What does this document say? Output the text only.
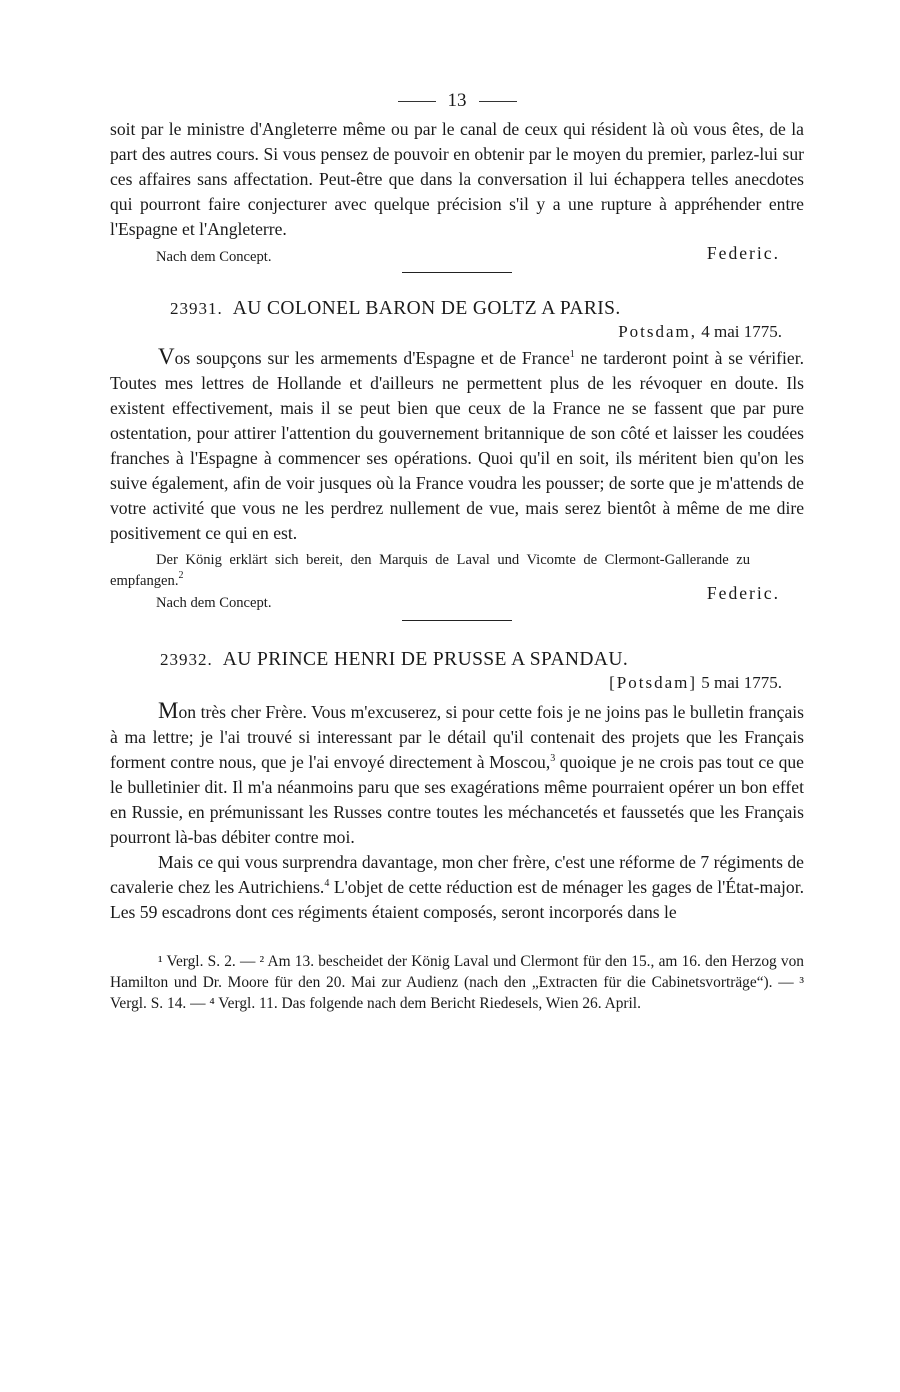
13

soit par le ministre d'Angleterre même ou par le canal de ceux qui résident là où vous êtes, de la part des autres cours. Si vous pensez de pouvoir en obtenir par le moyen du premier, parlez-lui sur ces affaires sans affectation. Peut-être que dans la conversation il lui échappera telles anecdotes qui pourront faire conjecturer avec quelque précision s'il y a une rupture à appréhender entre l'Espagne et l'Angleterre.

Nach dem Concept.	Federic.
23931. AU COLONEL BARON DE GOLTZ A PARIS.
Potsdam, 4 mai 1775.

Vos soupçons sur les armements d'Espagne et de France$^1$ ne tarderont point à se vérifier. Toutes mes lettres de Hollande et d'ailleurs ne permettent plus de les révoquer en doute. Ils existent effectivement, mais il se peut bien que ceux de la France ne se fassent que par pure ostentation, pour attirer l'attention du gouvernement britannique de son côté et laisser les coudées franches à l'Espagne à commencer ses opérations. Quoi qu'il en soit, ils méritent bien qu'on les suive également, afin de voir jusques où la France voudra les pousser; de sorte que je m'attends de votre activité que vous ne les perdrez nullement de vue, mais serez bientôt à même de me dire positivement ce qui en est.

Der König erklärt sich bereit, den Marquis de Laval und Vicomte de Clermont-Gallerande zu empfangen.$^2$

Nach dem Concept.	Federic.
23932. AU PRINCE HENRI DE PRUSSE A SPANDAU.
[Potsdam] 5 mai 1775.

Mon très cher Frère. Vous m'excuserez, si pour cette fois je ne joins pas le bulletin français à ma lettre; je l'ai trouvé si interessant par le détail qu'il contenait des projets que les Français forment contre nous, que je l'ai envoyé directement à Moscou,$^3$ quoique je ne crois pas tout ce que le bulletinier dit. Il m'a néanmoins paru que ses exagérations même pourraient opérer un bon effet en Russie, en prémunissant les Russes contre toutes les méchancetés et faussetés que les Français pourront là-bas débiter contre moi.

Mais ce qui vous surprendra davantage, mon cher frère, c'est une réforme de 7 régiments de cavalerie chez les Autrichiens.$^4$ L'objet de cette réduction est de ménager les gages de l'État-major. Les 59 escadrons dont ces régiments étaient composés, seront incorporés dans le

¹ Vergl. S. 2. — ² Am 13. bescheidet der König Laval und Clermont für den 15., am 16. den Herzog von Hamilton und Dr. Moore für den 20. Mai zur Audienz (nach den „Extracten für die Cabinetsvorträge“). — ³ Vergl. S. 14. — ⁴ Vergl. 11. Das folgende nach dem Bericht Riedesels, Wien 26. April.
